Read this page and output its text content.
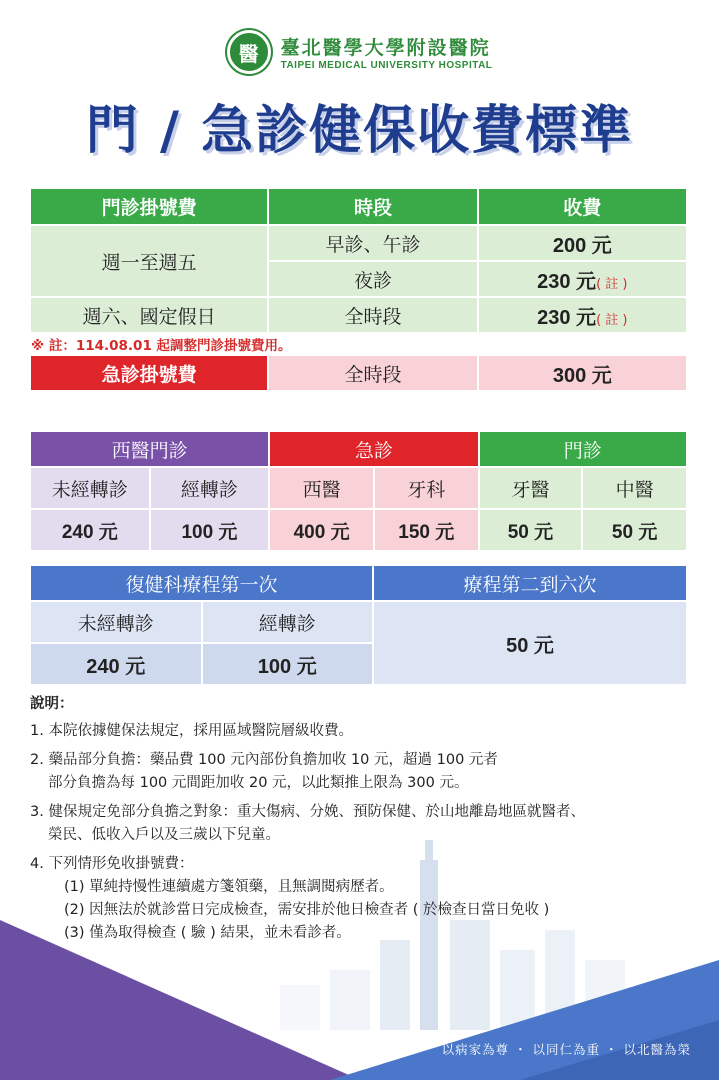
醫 臺北醫學大學附設醫院
TAIPEI MEDICAL UNIVERSITY HOSPITAL
門 / 急診健保收費標準
門診掛號費	時段	收費
週一至週五	早診、午診	200 元
	夜診	230 元( 註 )
週六、國定假日	全時段	230 元( 註 )
※ 註：114.08.01 起調整門診掛號費用。		
急診掛號費	全時段	300 元
西醫門診		急診		門診	
未經轉診	經轉診	西醫	牙科	牙醫	中醫
240 元	100 元	400 元	150 元	50 元	50 元
復健科療程第一次		療程第二到六次
未經轉診	經轉診	50 元
240 元	100 元	
說明：
1. 本院依據健保法規定，採用區域醫院層級收費。
2. 藥品部分負擔：藥品費 100 元內部份負擔加收 10 元，超過 100 元者
部分負擔為每 100 元間距加收 20 元，以此類推上限為 300 元。
3. 健保規定免部分負擔之對象：重大傷病、分娩、預防保健、於山地離島地區就醫者、
榮民、低收入戶以及三歲以下兒童。
4. 下列情形免收掛號費：
(1) 單純持慢性連續處方箋領藥，且無調閱病歷者。
(2) 因無法於就診當日完成檢查，需安排於他日檢查者 ( 於檢查日當日免收 )
(3) 僅為取得檢查 ( 驗 ) 結果，並未看診者。
以病家為尊 ・ 以同仁為重 ・ 以北醫為榮
